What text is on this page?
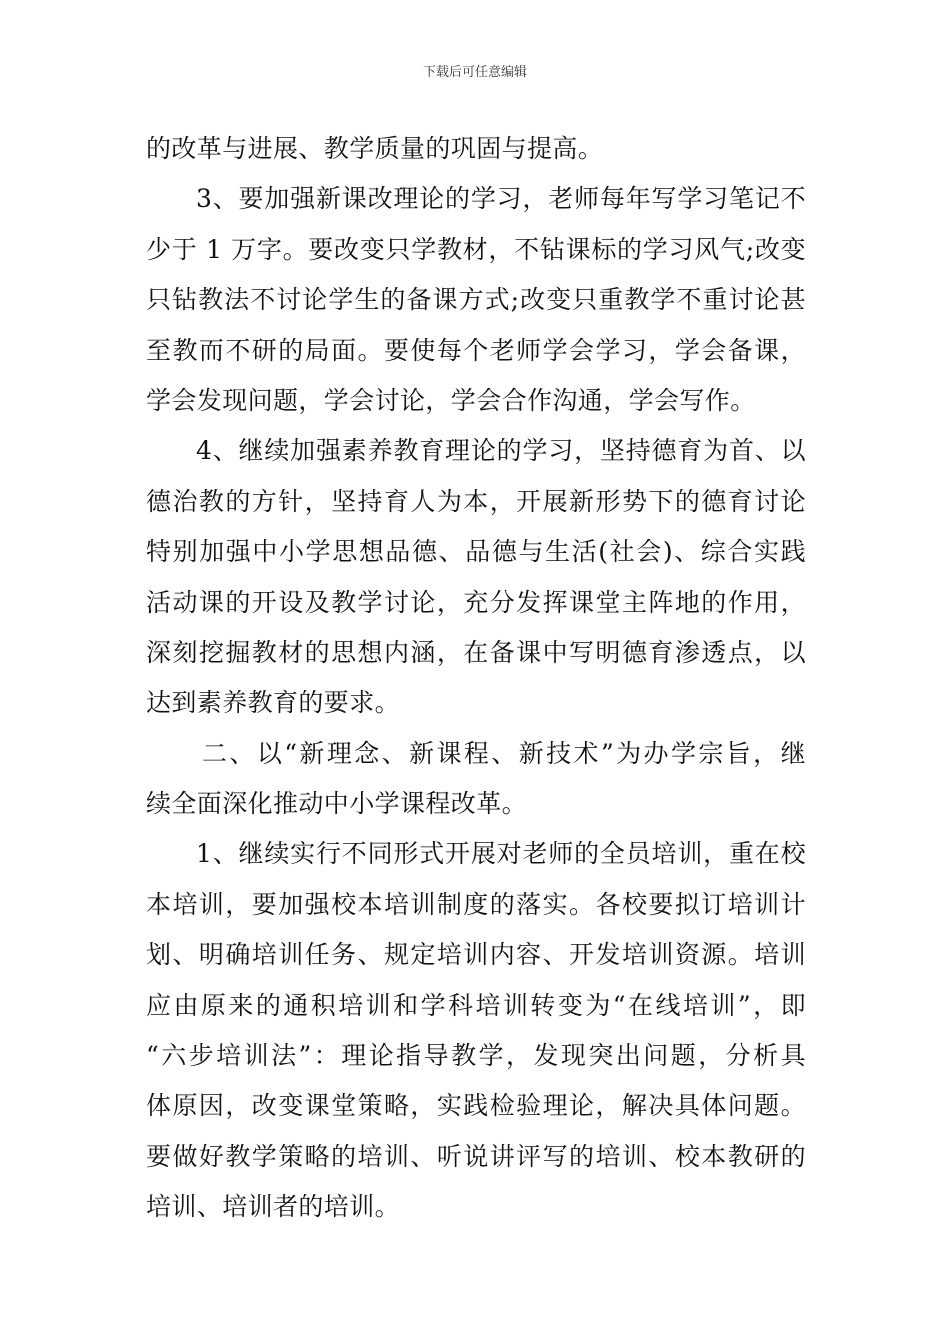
下载后可任意编辑
的改革与进展、教学质量的巩固与提高。
3、要加强新课改理论的学习，老师每年写学习笔记不
少于 1 万字。要改变只学教材，不钻课标的学习风气;改变
只钻教法不讨论学生的备课方式;改变只重教学不重讨论甚
至教而不研的局面。要使每个老师学会学习，学会备课，
学会发现问题，学会讨论，学会合作沟通，学会写作。
4、继续加强素养教育理论的学习，坚持德育为首、以
德治教的方针，坚持育人为本，开展新形势下的德育讨论
特别加强中小学思想品德、品德与生活(社会)、综合实践
活动课的开设及教学讨论，充分发挥课堂主阵地的作用，
深刻挖掘教材的思想内涵，在备课中写明德育渗透点，以
达到素养教育的要求。
二、以“新理念、新课程、新技术”为办学宗旨，继
续全面深化推动中小学课程改革。
1、继续实行不同形式开展对老师的全员培训，重在校
本培训，要加强校本培训制度的落实。各校要拟订培训计
划、明确培训任务、规定培训内容、开发培训资源。培训
应由原来的通积培训和学科培训转变为“在线培训”，即
“六步培训法”：理论指导教学，发现突出问题，分析具
体原因，改变课堂策略，实践检验理论，解决具体问题。
要做好教学策略的培训、听说讲评写的培训、校本教研的
培训、培训者的培训。
